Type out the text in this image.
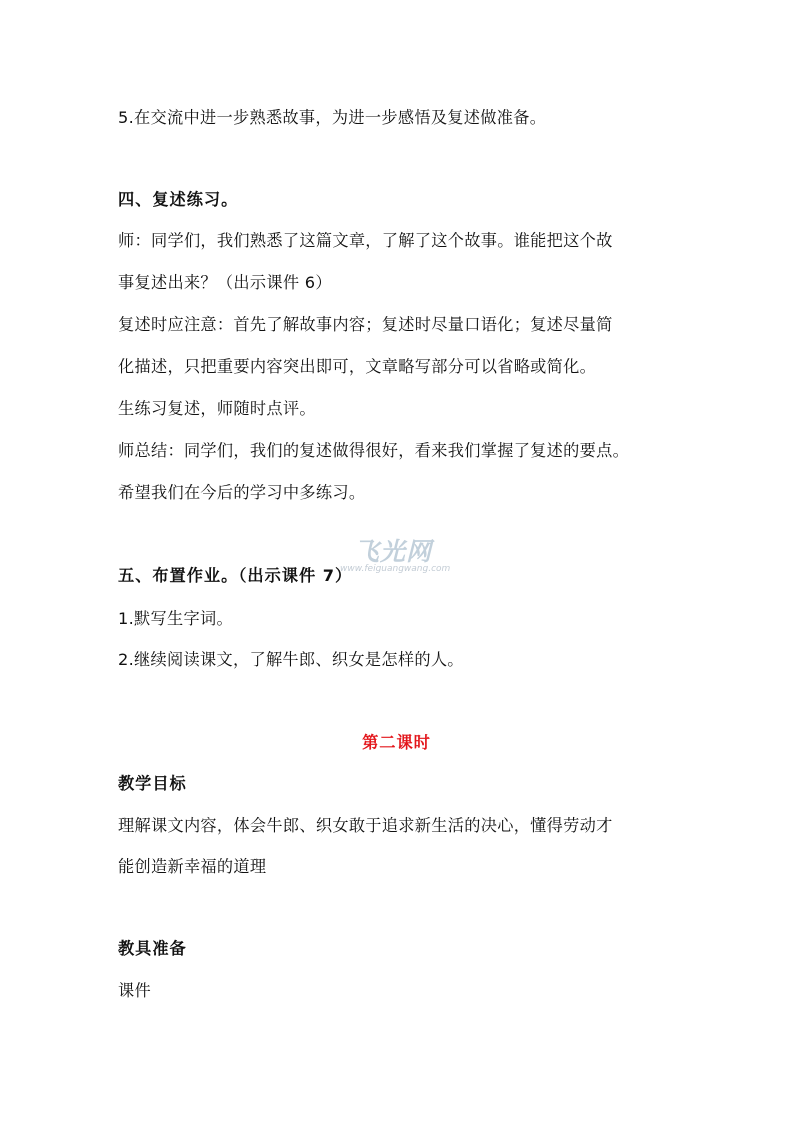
5.在交流中进一步熟悉故事，为进一步感悟及复述做准备。
四、复述练习。
师：同学们，我们熟悉了这篇文章，了解了这个故事。谁能把这个故
事复述出来？（出示课件 6）
复述时应注意：首先了解故事内容；复述时尽量口语化；复述尽量简
化描述，只把重要内容突出即可，文章略写部分可以省略或简化。
生练习复述，师随时点评。
师总结：同学们，我们的复述做得很好，看来我们掌握了复述的要点。
希望我们在今后的学习中多练习。
五、布置作业。（出示课件 7）
1.默写生字词。
2.继续阅读课文，了解牛郎、织女是怎样的人。
第二课时
教学目标
理解课文内容，体会牛郎、织女敢于追求新生活的决心，懂得劳动才
能创造新幸福的道理
教具准备
课件
飞光网
www.feiguangwang.com
